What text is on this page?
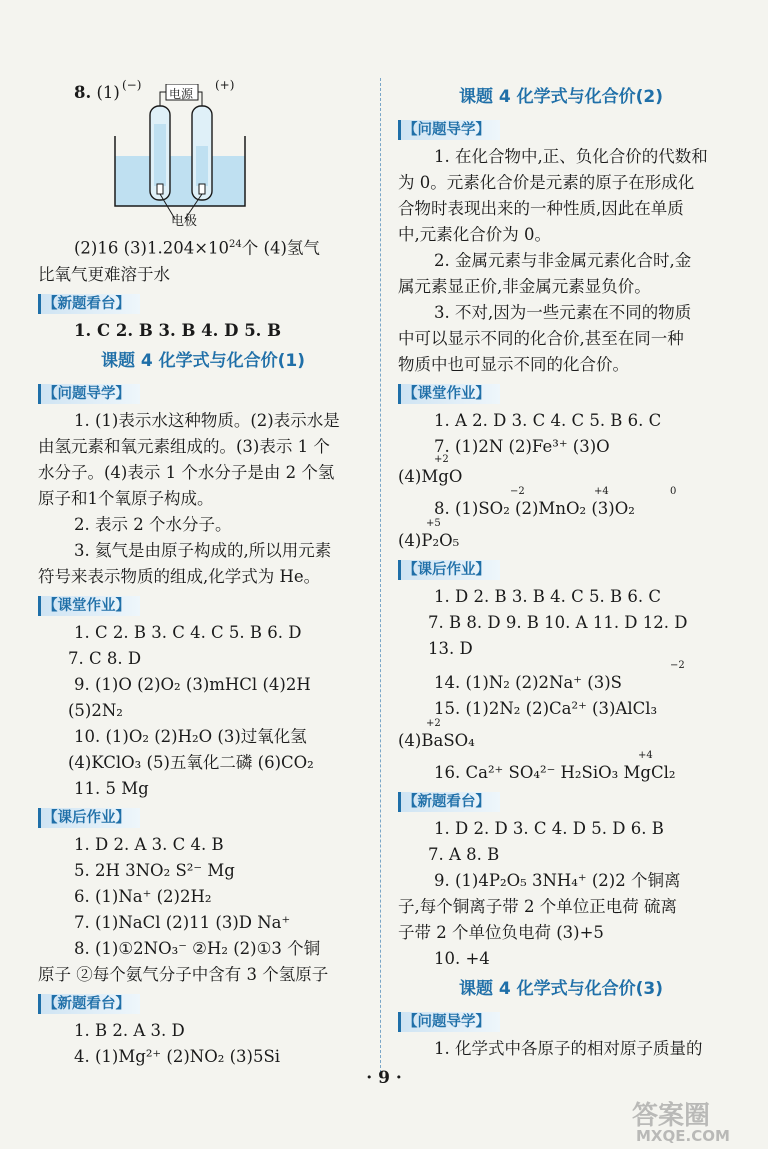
(−)	(+)
电源
电极
8. (1)
(2)16 $(3)1.204\times 10^{24}$个 (4)氢气
比氧气更难溶于水
【新题看台】
1. C 2. B 3. B 4. D 5. B
课题 4 化学式与化合价(1)
【问题导学】
1. (1)表示水这种物质。(2)表示水是
由氢元素和氧元素组成的。(3)表示 1 个
水分子。(4)表示 1 个水分子是由 2 个氢
原子和1个氧原子构成。
2. 表示 2 个水分子。
3. 氦气是由原子构成的,所以用元素
符号来表示物质的组成,化学式为 He。
【课堂作业】
1. C 2. B 3. C 4. C 5. B 6. D
7. C 8. D
9. (1)O (2)O₂ (3)mHCl (4)2H
(5)2N₂
10. (1)O₂ (2)H₂O (3)过氧化氢
(4)KClO₃ (5)五氧化二磷 (6)CO₂
11. 5 Mg
【课后作业】
1. D 2. A 3. C 4. B
5. 2H 3NO₂ S²⁻ Mg
6. (1)Na⁺ (2)2H₂
7. (1)NaCl (2)11 (3)D Na⁺
8. (1)①2NO₃⁻ ②H₂ (2)①3 个铜
原子 ②每个氨气分子中含有 3 个氢原子
【新题看台】
1. B 2. A 3. D
4. (1)Mg²⁺ (2)NO₂ (3)5Si
课题 4 化学式与化合价(2)
【问题导学】
1. 在化合物中,正、负化合价的代数和
为 0。元素化合价是元素的原子在形成化
合物时表现出来的一种性质,因此在单质
中,元素化合价为 0。
2. 金属元素与非金属元素化合时,金
属元素显正价,非金属元素显负价。
3. 不对,因为一些元素在不同的物质
中可以显示不同的化合价,甚至在同一种
物质中也可显示不同的化合价。
【课堂作业】
1. A 2. D 3. C 4. C 5. B 6. C
7. (1)2N (2)Fe³⁺ (3)O
+2
(4)MgO
−2	+4	0
8. (1)SO₂ (2)MnO₂ (3)O₂
+5
(4)P₂O₅
【课后作业】
1. D 2. B 3. B 4. C 5. B 6. C
7. B 8. D 9. B 10. A 11. D 12. D
13. D
−2
14. (1)N₂ (2)2Na⁺ (3)S
15. (1)2N₂ (2)Ca²⁺ (3)AlCl₃
+2
(4)BaSO₄
+4
16. Ca²⁺ SO₄²⁻ H₂SiO₃ MgCl₂
【新题看台】
1. D 2. D 3. C 4. D 5. D 6. B
7. A 8. B
9. (1)4P₂O₅ 3NH₄⁺ (2)2 个铜离
子,每个铜离子带 2 个单位正电荷 硫离
子带 2 个单位负电荷 (3)+5
10. +4
课题 4 化学式与化合价(3)
【问题导学】
1. 化学式中各原子的相对原子质量的
· 9 ·
答案圈
MXQE.COM
